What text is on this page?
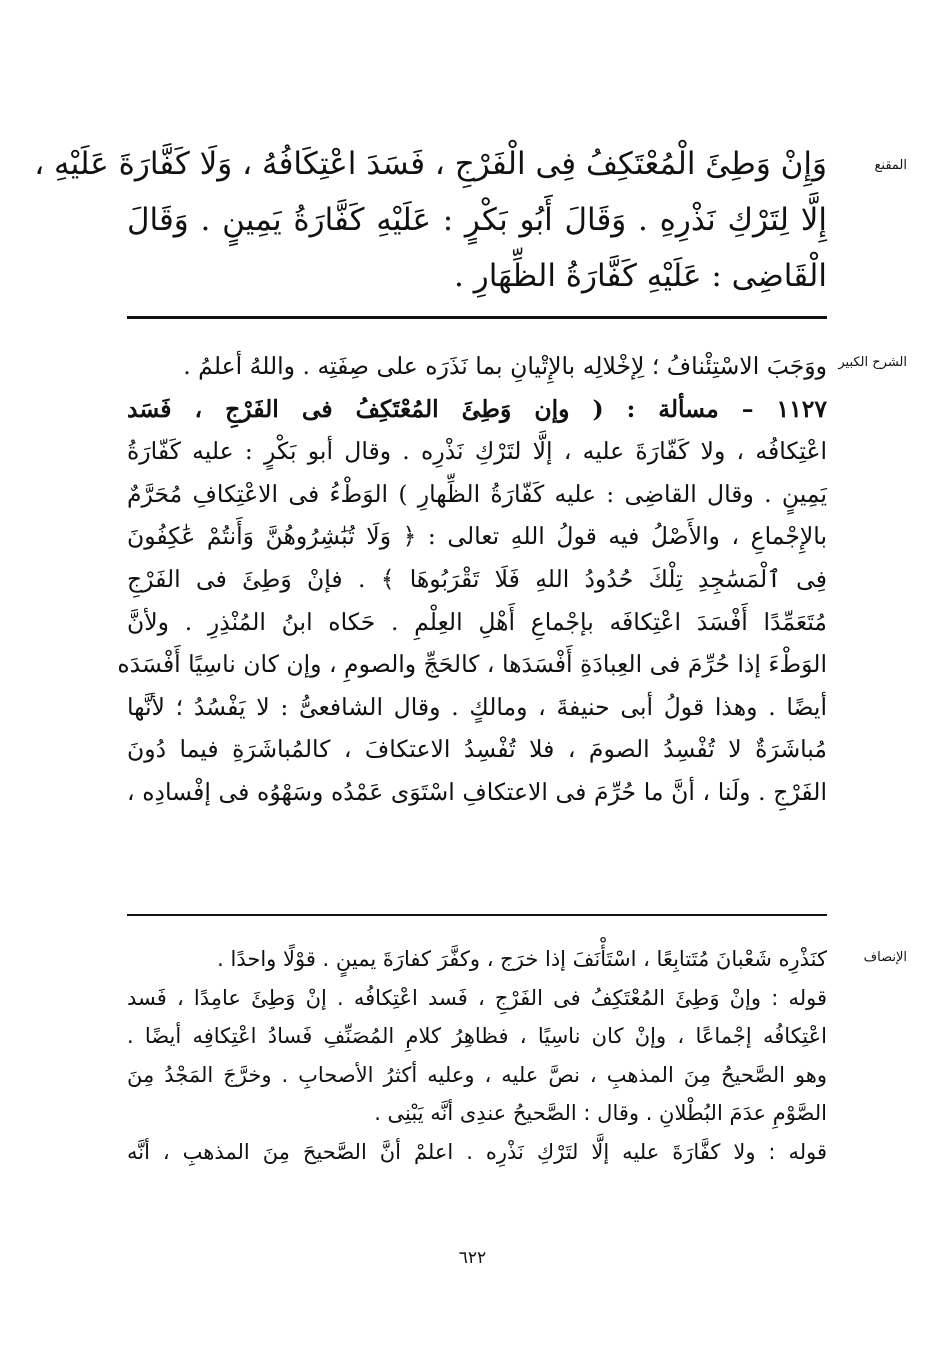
المقنع
وَإِنْ وَطِئَ الْمُعْتَكِفُ فِى الْفَرْجِ ، فَسَدَ اعْتِكَافُهُ ، وَلَا كَفَّارَةَ عَلَيْهِ ،
إِلَّا لِتَرْكِ نَذْرِهِ . وَقَالَ أَبُو بَكْرٍ : عَلَيْهِ كَفَّارَةُ يَمِينٍ . وَقَالَ
الْقَاضِى : عَلَيْهِ كَفَّارَةُ الظِّهَارِ .
الشرح الكبير
ووَجَبَ الاسْتِئْنافُ ؛ لِإخْلالِه بالإِتْيانِ بما نَذَرَه على صِفَتِه . واللهُ أعلمُ .
١١٢٧ – مسألة : ( وإن وَطِئَ المُعْتَكِفُ فى الفَرْجِ ، فَسَد
اعْتِكافُه ، ولا كَفّارَةَ عليه ، إلَّا لتَرْكِ نَذْرِه . وقال أبو بَكْرٍ : عليه كَفّارَةُ
يَمِينٍ . وقال القاضِى : عليه كَفّارَةُ الظِّهارِ ) الوَطْءُ فى الاعْتِكافِ مُحَرَّمٌ
بالإِجْماعِ ، والأَصْلُ فيه قولُ اللهِ تعالى : ﴿ وَلَا تُبَٰشِرُوهُنَّ وَأَنتُمْ عَٰكِفُونَ
فِى ٱلْمَسَٰجِدِ تِلْكَ حُدُودُ اللهِ فَلَا تَقْرَبُوهَا ﴾ . فإنْ وَطِئَ فى الفَرْجِ
مُتَعَمِّدًا أَفْسَدَ اعْتِكافَه بإجْماعِ أَهْلِ العِلْمِ . حَكاه ابنُ المُنْذِرِ . ولأنَّ
الوَطْءَ إذا حُرِّمَ فى العِبادَةِ أَفْسَدَها ، كالحَجِّ والصومِ ، وإن كان ناسِيًا أَفْسَدَه
أيضًا . وهذا قولُ أبى حنيفةَ ، ومالكٍ . وقال الشافعىُّ : لا يَفْسُدُ ؛ لأنَّها
مُباشَرَةٌ لا تُفْسِدُ الصومَ ، فلا تُفْسِدُ الاعتكافَ ، كالمُباشَرَةِ فيما دُونَ
الفَرْجِ . ولَنا ، أنَّ ما حُرِّمَ فى الاعتكافِ اسْتَوَى عَمْدُه وسَهْوُه فى إفْسادِه ،
الإنصاف
كنَذْرِه شَعْبانَ مُتَتابِعًا ، اسْتَأْنَفَ إذا خرَج ، وكفَّرَ كفارَةَ يمينٍ . قوْلًا واحدًا .
قوله : وإنْ وَطِئَ المُعْتَكِفُ فى الفَرْجِ ، فَسد اعْتِكافُه . إنْ وَطِئَ عامِدًا ، فَسد
اعْتِكافُه إجْماعًا ، وإنْ كان ناسِيًا ، فظاهِرُ كلامِ المُصَنِّفِ فَسادُ اعْتِكافِه أيضًا .
وهو الصَّحيحُ مِنَ المذهبِ ، نصَّ عليه ، وعليه أكثرُ الأصحابِ . وخرَّجَ المَجْدُ مِنَ
الصَّوْمِ عدَمَ البُطْلانِ . وقال : الصَّحيحُ عندِى أنَّه يَبْنِى .
قوله : ولا كفَّارَةَ عليه إلَّا لتَرْكِ نَذْرِه . اعلمْ أنَّ الصَّحيحَ مِنَ المذهبِ ، أنَّه
٦٢٢
